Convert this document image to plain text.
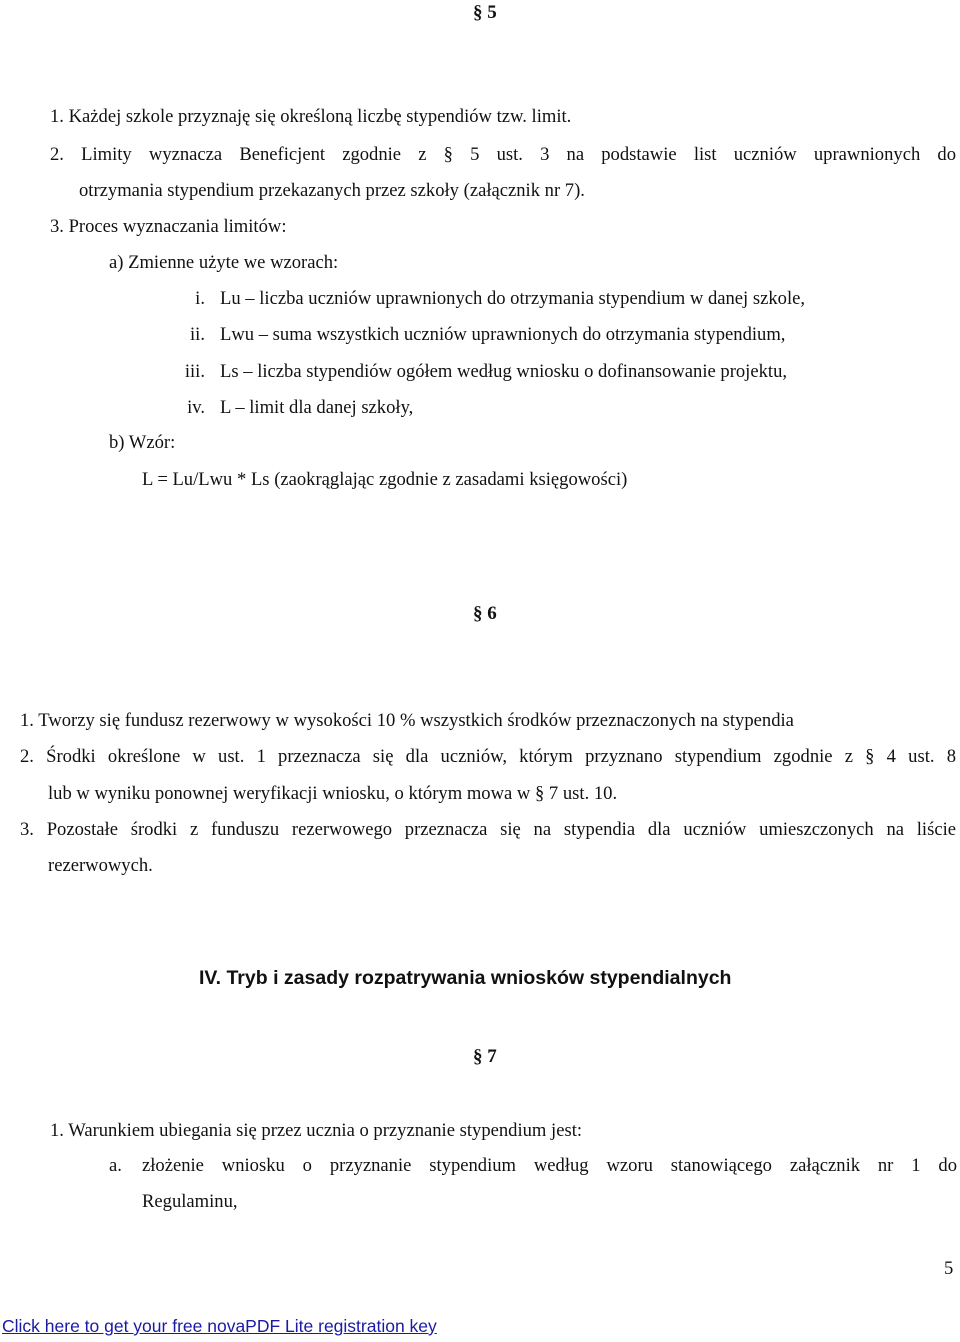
§ 5
1. Każdej szkole przyznaję się określoną liczbę stypendiów tzw. limit.
2. Limity wyznacza Beneficjent zgodnie z § 5 ust. 3 na podstawie list uczniów uprawnionych do
otrzymania stypendium przekazanych przez szkoły (załącznik nr 7).
3. Proces wyznaczania limitów:
a) Zmienne użyte we wzorach:
i. Lu – liczba uczniów uprawnionych do otrzymania stypendium w danej szkole,
ii. Lwu – suma wszystkich uczniów uprawnionych do otrzymania stypendium,
iii. Ls – liczba stypendiów ogółem według wniosku o dofinansowanie projektu,
iv. L – limit dla danej szkoły,
b) Wzór:
L = Lu/Lwu * Ls (zaokrąglając zgodnie z zasadami księgowości)
§ 6
1. Tworzy się fundusz rezerwowy w wysokości 10 % wszystkich środków przeznaczonych na stypendia
2. Środki określone w ust. 1 przeznacza się dla uczniów, którym przyznano stypendium zgodnie z § 4 ust. 8
lub w wyniku ponownej weryfikacji wniosku, o którym mowa w § 7 ust. 10.
3. Pozostałe środki z funduszu rezerwowego przeznacza się na stypendia dla uczniów umieszczonych na liście
rezerwowych.
IV. Tryb i zasady rozpatrywania wniosków stypendialnych
§ 7
1. Warunkiem ubiegania się przez ucznia o przyznanie stypendium jest:
a. złożenie wniosku o przyznanie stypendium według wzoru stanowiącego załącznik nr 1 do
Regulaminu,
5
Click here to get your free novaPDF Lite registration key
